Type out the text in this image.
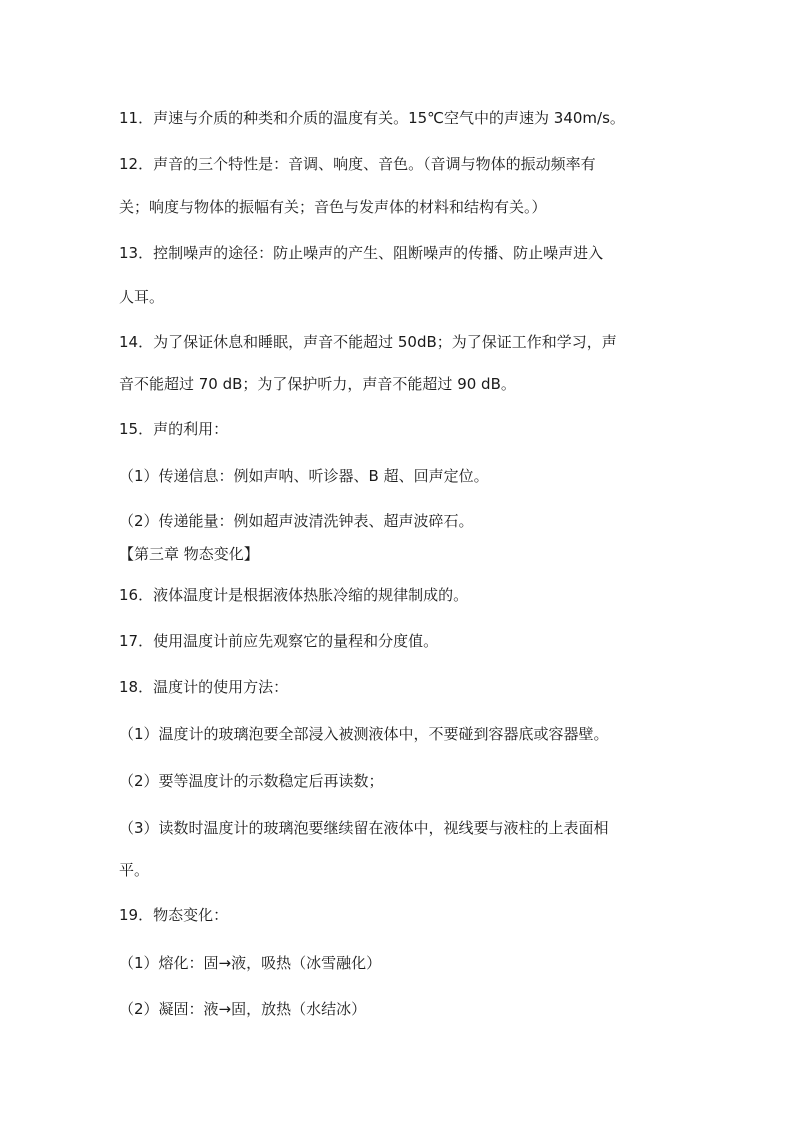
11．声速与介质的种类和介质的温度有关。15℃空气中的声速为 340m/s。
12．声音的三个特性是：音调、响度、音色。（音调与物体的振动频率有
关；响度与物体的振幅有关；音色与发声体的材料和结构有关。）
13．控制噪声的途径：防止噪声的产生、阻断噪声的传播、防止噪声进入
人耳。
14．为了保证休息和睡眠，声音不能超过 50dB；为了保证工作和学习，声
音不能超过 70 dB；为了保护听力，声音不能超过 90 dB。
15．声的利用：
（1）传递信息：例如声呐、听诊器、B 超、回声定位。
（2）传递能量：例如超声波清洗钟表、超声波碎石。
【第三章 物态变化】
16．液体温度计是根据液体热胀冷缩的规律制成的。
17．使用温度计前应先观察它的量程和分度值。
18．温度计的使用方法：
（1）温度计的玻璃泡要全部浸入被测液体中，不要碰到容器底或容器壁。
（2）要等温度计的示数稳定后再读数；
（3）读数时温度计的玻璃泡要继续留在液体中，视线要与液柱的上表面相
平。
19．物态变化：
（1）熔化：固→液，吸热（冰雪融化）
（2）凝固：液→固，放热（水结冰）
